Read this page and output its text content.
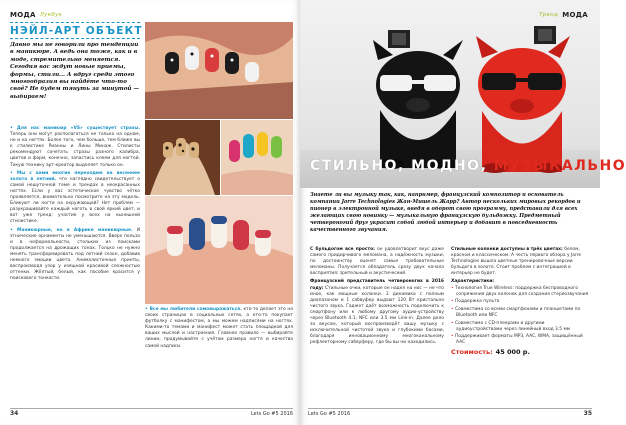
МОДА Лукбук
НЭЙЛ-АРТ ОБЪЕКТ
Давно мы не говорили про тенденции в маникюре. А ведь она тоже, как и в моде, стремительно меняется. Сегодня вас ждут новые приемы, формы, стили... А вдруг среди этого многообразия вы найдёте что-то своё? Не будем тянуть за минутой — выбираем!

• Для нас маникюр «VS» существует стразы. Теперь они могут располагаться не только на одном, но и на ногтях. Более того, чем больше, тем ближе вы к стилистике Рианны и Лины Минаж. Стилисты рекомендуют сочетать стразы разного калибра, цветов и форм, конечно, запастись клеем для ногтей. Такую технику арт-креатор выделяет только он.

• Мы с вами многие переходим на весеннее золото в летний, что наглядно свидетельствует о самой нешуточной теме и трендах в неокрасанных ногтях. Если у вас эстетическое чувство чётко проявляется, внимательно посмотрите на эту модель. Бликуют ли ногти на окружающей? Нет проблем — разукрашивайте каждый ноготь в свой яркий цвет, и вот уже тренд: участие у всех на нынешней стилистике.

• Маникюрные, но в Африке маникюрные. И этнические орнаменты не уменьшаются. Вверх польза и в неформальности, стольких из поисками продолжается на дрожащих тонах. Только не нужно менять трансформировать под летний сезон, добавив немного эмоции цвета. Анималистичные принты, воспроизводя узор у изящной красивой сложностью оттенки. Жёлтый, белый, как пособие красится у поискового тонкости.

• Все мы любители самовыражаться. кто-то делает это на своих страницах в социальных сетях, а кто-то покупает футболку с манифестом, а мы можем надписями на ногтях. Какими-то темами и манифест может стать площадкой для ваших мыслей и настроения. Главное правило — выбирайте линии, продумывайте с учётом размера ногтя и качества самой надписи.

34	Lets Go #5 2016
Тренд МОДА
СТИЛЬНО, МОДНО, МУЗЫКАЛЬНО
Знаете ли вы музыку так, как, например, французский композитор и основатель компании Jarre Technologies Жан-Мишель Жарр? Автор нескольких мировых рекордов и пионер в электронной музыке, введя в оборот свою программу, представили для всех желающих свою новинку — музыкальную французскую бульдожку. Предметный четвероногий друг украсит собой любой интерьер и добавит в повседневность качественного звучания.

С бульдогом все просто: он удовлетворит вкус даже самого придирчивого меломана, а надёжность музыки, по достоинству оценят самые требовательные меломаны. Получается обладатель сразу двух начала восприятия: зрительный и акустический.

Французский представитель четвероногих в 2016 году: Стильные очки, которые он надел на нос — не что иное, как мощные колонки. 2 динамика с полным диапазоном и 1 сабвуфер выдают 120 Вт кристально чистого звука. Гаджет даёт возможность подключить к смартфону или к любому другому аудио-устройству через Bluetooth 4.1, NFC или 3.5 мм Line-in. Далее дело за вкусом, который воспроизведёт вашу музыку с исключительной чистотой звука и глубокими басами, благодаря инновационному многоканальному рефлекторному сабвуферу, где бы вы ни находились.

Стильные колонки доступны в трёх цветах: белом, красном и классическом. А честь первого обзора у Jarre Technologies вышла цветные тренировочные версии бульдога в золоте. Стоит проблем с интеграцией в интерьер не будет.

Характеристики:
• Технология True Wireless: поддержка беспроводного сопряжения двух колонок для создания стереозвучания
• Поддержка пульта
• Совместима со всеми смартфонами и планшетами по Bluetooth или NFC
• Совместимо с CD-плеерами и другими аудиоустройствами через линейный вход 3.5 мм
• Поддерживает форматы MP3, AAC, WMA, защищённый AAC
Стоимость: 45 000 р.
Lets Go #5 2016	35
